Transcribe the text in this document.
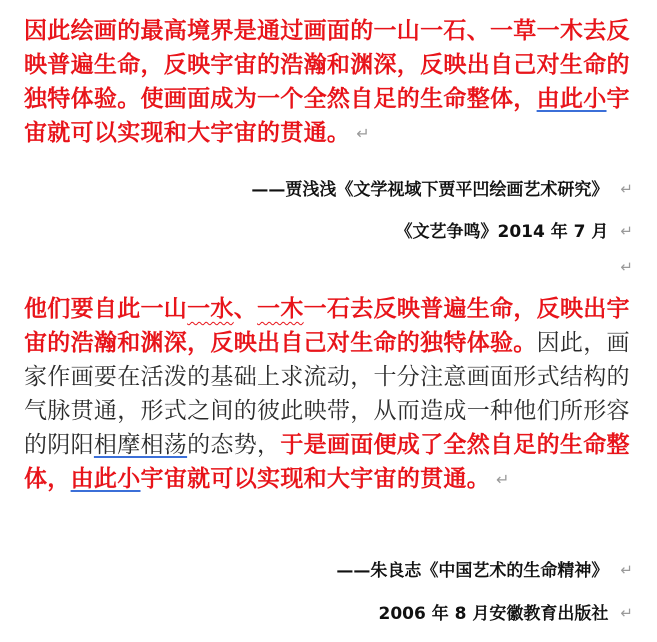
因此绘画的最高境界是通过画面的一山一石、一草一木去反映普遍生命，反映宇宙的浩瀚和渊深，反映出自己对生命的独特体验。使画面成为一个全然自足的生命整体，由此小宇宙就可以实现和大宇宙的贯通。 ↵

——贾浅浅《文学视域下贾平凹绘画艺术研究》 ↵
《文艺争鸣》2014 年 7 月 ↵
↵

他们要自此一山一水、一木一石去反映普遍生命，反映出宇宙的浩瀚和渊深，反映出自己对生命的独特体验。因此，画家作画要在活泼的基础上求流动，十分注意画面形式结构的气脉贯通，形式之间的彼此映带，从而造成一种他们所形容的阴阳相摩相荡的态势，于是画面便成了全然自足的生命整体，由此小宇宙就可以实现和大宇宙的贯通。 ↵

——朱良志《中国艺术的生命精神》 ↵
2006 年 8 月安徽教育出版社 ↵
